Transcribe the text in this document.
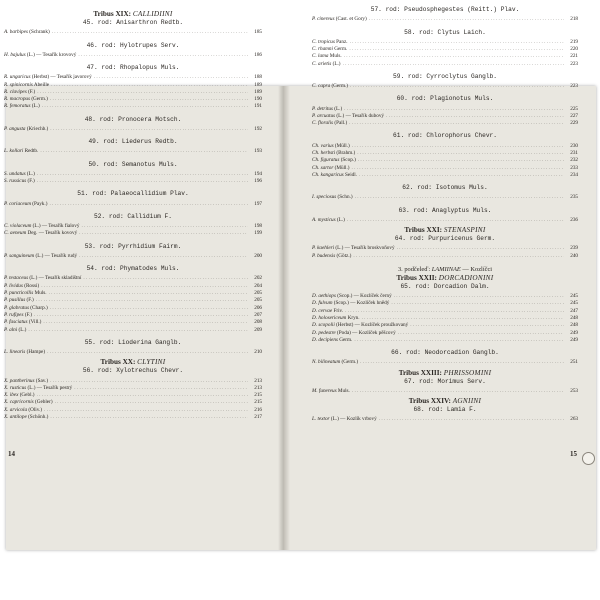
Tribus XIX: CALLIDIINI
45. rod: Anisarthron Redtb.
A. barbipes (Schrank) . . .	185
46. rod: Hylotrupes Serv.
H. bajulus (L.) — Tesařík krovový . . .	186
47. rod: Rhopalopus Muls.
R. ungaricus (Herbst) — Tesařík javorový . . .	188
R. spinicornis Abeille . . .	189
R. clavipes (F.) . . .	189
R. macropus (Germ.) . . .	190
R. femoratus (L.) . . .	191
48. rod: Pronocera Motsch.
P. angusta (Kriechb.) . . .	192
49. rod: Liederus Redtb.
L. kollari Redtb. . . .	193
50. rod: Semanotus Muls.
S. undatus (L.) . . .	194
S. russicus (F.) . . .	196
51. rod: Palaeocallidium Plav.
P. coriaceum (Payk.) . . .	197
52. rod: Callidium F.
C. violaceum (L.) — Tesařík fialový . . .	198
C. aeneum Deg. — Tesařík kovový . . .	199
53. rod: Pyrrhidium Fairm.
P. sanguineum (L.) — Tesařík rudý . . .	200
54. rod: Phymatodes Muls.
P. testaceus (L.) — Tesařík skladištní . . .	202
P. lividus (Rossi) . . .	204
P. puncticollis Muls. . . .	205
P. pusillus (F.) . . .	205
P. glabratus (Charp.) . . .	206
P. rufipes (F.) . . .	207
P. fasciatus (Vill.) . . .	208
P. alni (L.) . . .	209
55. rod: Lioderina Ganglb.
L. linearis (Hampe) . . .	210
Tribus XX: CLYTINI
56. rod: Xylotrechus Chevr.
X. pantherinus (Sav.) . . .	213
X. rusticus (L.) — Tesařík pestrý . . .	213
X. ibex (Gebl.) . . .	215
X. capricornis (Gebler) . . .	215
X. arvicola (Oliv.) . . .	216
X. antilope (Schönh.) . . .	217
57. rod: Pseudosphegestes (Reitt.) Plav.
P. cinereus (Cast. et Gory) . . .	218
58. rod: Clytus Laich.
C. tropicus Panz. . . .	219
C. rhamni Germ. . . .	220
C. lama Muls. . . .	221
C. arietis (L.) . . .	223
59. rod: Cyrroclytus Ganglb.
C. capra (Germ.) . . .	223
60. rod: Plagionotus Muls.
P. detritus (L.) . . .	225
P. arcuatus (L.) — Tesařík dubový . . .	227
C. floralis (Pall.) . . .	229
61. rod: Chlorophorus Chevr.
Ch. varius (Müll.) . . .	230
Ch. herbsti (Brahm.) . . .	231
Ch. figuratus (Scop.) . . .	232
Ch. sartor (Müll.) . . .	233
Ch. kangaricus Seidl. . . .	234
62. rod: Isotomus Muls.
I. speciosus (Schn.) . . .	235
63. rod: Anaglyptus Muls.
A. mysticus (L.) . . .	236
Tribus XXI: STENASPINI
64. rod: Purpuricenus Germ.
P. kaehleri (L.) — Tesařík broskvoňový . . .	239
P. budensis (Götz.) . . .	240
3. podčeleď: LAMIINAE — Kozlíčci
Tribus XXII: DORCADIONINI
65. rod: Dorcadion Dalm.
D. aethiops (Scop.) — Kozlíček černý . . .	245
D. fulvum (Scop.) — Kozlíček hnědý . . .	245
D. cervae Friv. . . .	247
D. holosericeum Kryn. . . .	248
D. scopolii (Herbst) — Kozlíček proužkovaný . . .	248
D. pedestre (Poda) — Kozlíček pěšcový . . .	249
D. decipiens Germ. . . .	249
66. rod: Neodorcadion Ganglb.
N. bilineatum (Germ.) . . .	251
Tribus XXIII: PHRISSOMINI
67. rod: Morimus Serv.
M. funereus Muls. . . .	253
Tribus XXIV: AGNIINI
68. rod: Lamia F.
L. textor (L.) — Kozlík vrbový . . .	263
14	15
